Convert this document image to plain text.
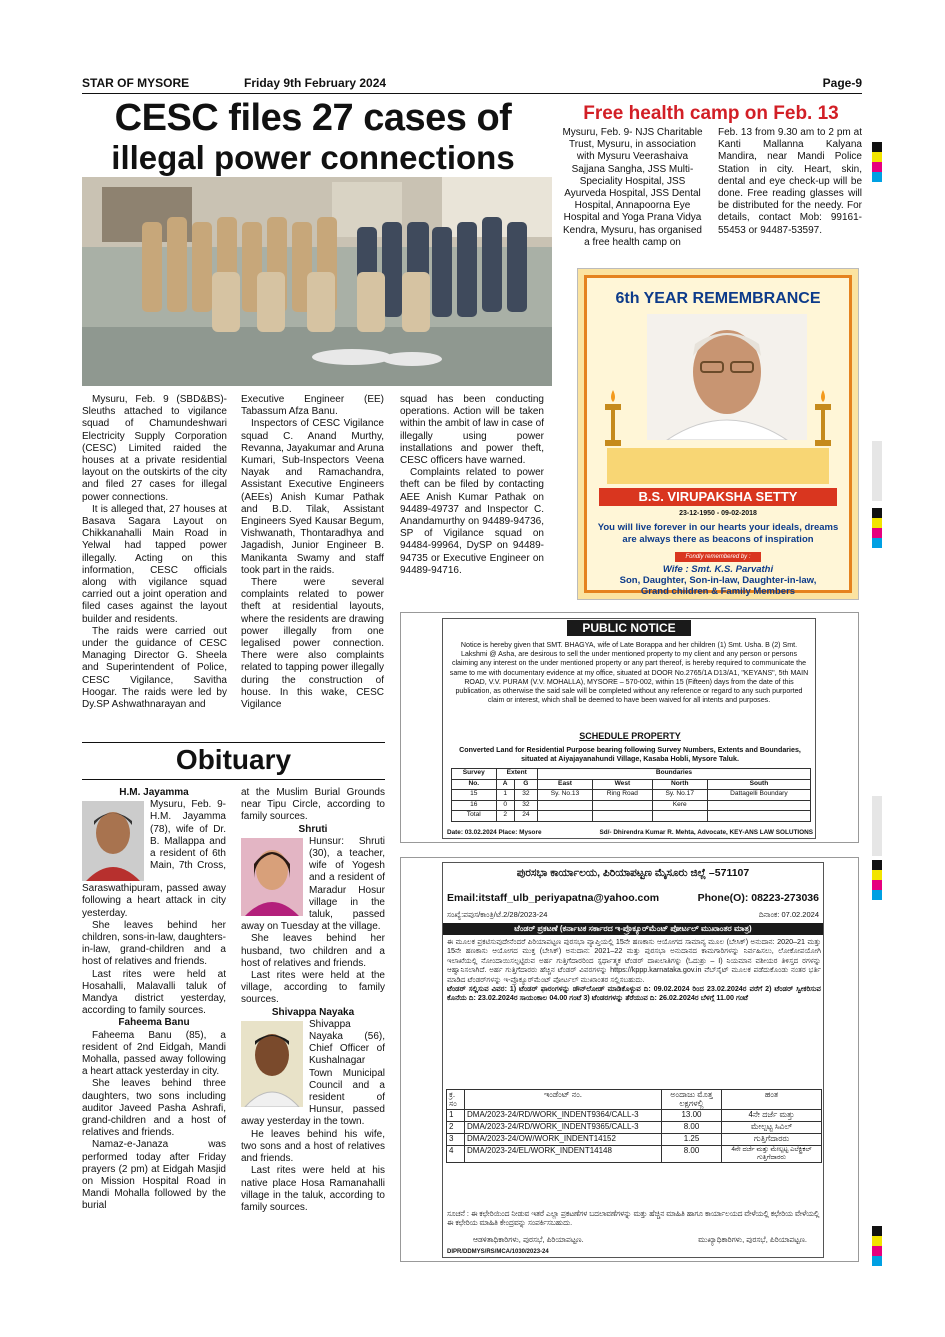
STAR OF MYSORE	Friday 9th February 2024	Page-9
CESC files 27 cases of
illegal power connections

Mysuru, Feb. 9 (SBD&BS)- Sleuths attached to vigilance squad of Chamundeshwari Electricity Supply Corporation (CESC) Limited raided the houses at a private residential layout on the outskirts of the city and filed 27 cases for illegal power connections.

It is alleged that, 27 houses at Basava Sagara Layout on Chikkanahalli Main Road in Yelwal had tapped power illegally. Acting on this information, CESC officials along with vigilance squad carried out a joint operation and filed cases against the layout builder and residents.

The raids were carried out under the guidance of CESC Managing Director G. Sheela and Superintendent of Police, CESC Vigilance, Savitha Hoogar. The raids were led by Dy.SP Ashwathnarayan and

Executive Engineer (EE) Tabassum Afza Banu.

Inspectors of CESC Vigilance squad C. Anand Murthy, Revanna, Jayakumar and Aruna Kumari, Sub-Inspectors Veena Nayak and Ramachandra, Assistant Executive Engineers (AEEs) Anish Kumar Pathak and B.D. Tilak, Assistant Engineers Syed Kausar Begum, Vishwanath, Thontaradhya and Jagadish, Junior Engineer B. Manikanta Swamy and staff took part in the raids.

There were several complaints related to power theft at residential layouts, where the residents are drawing power illegally from one legalised power connection. There were also complaints related to tapping power illegally during the construction of house. In this wake, CESC Vigilance

squad has been conducting operations. Action will be taken within the ambit of law in case of illegally using power installations and power theft, CESC officers have warned.

Complaints related to power theft can be filed by contacting AEE Anish Kumar Pathak on 94489-49737 and Inspector C. Anandamurthy on 94489-94736, SP of Vigilance squad on 94484-99964, DySP on 94489-94735 or Executive Engineer on 94489-94716.

Free health camp on Feb. 13

Mysuru, Feb. 9- NJS Charitable Trust, Mysuru, in association with Mysuru Veerashaiva Sajjana Sangha, JSS Multi-Speciality Hospital, JSS Ayurveda Hospital, JSS Dental Hospital, Annapoorna Eye Hospital and Yoga Prana Vidya Kendra, Mysuru, has organised a free health camp on

Feb. 13 from 9.30 am to 2 pm at Kanti Mallanna Kalyana Mandira, near Mandi Police Station in city. Heart, skin, dental and eye check-up will be done. Free reading glasses will be distributed for the needy. For details, contact Mob: 99161-55453 or 94487-53597.

6th YEAR REMEMBRANCE
B.S. VIRUPAKSHA SETTY
23-12-1950 - 09-02-2018
You will live forever in our hearts your ideals, dreams are always there as beacons of inspiration
Fondly remembered by :
Wife : Smt. K.S. Parvathi
Son, Daughter, Son-in-law, Daughter-in-law,
Grand children & Family Members
PUBLIC NOTICE
Notice is hereby given that SMT. BHAGYA, wife of Late Borappa and her children (1) Smt. Usha. B (2) Smt. Lakshmi @ Asha, are desirous to sell the under mentioned property to my client and any person or persons claiming any interest on the under mentioned property or any part thereof, is hereby required to communicate the same to me with documentary evidence at my office, situated at DOOR No.2765/1A D13/A1, "KEYANS", 5th MAIN ROAD, V.V. PURAM (V.V. MOHALLA), MYSORE – 570-002, within 15 (Fifteen) days from the date of this publication, as otherwise the said sale will be completed without any reference or regard to any such purported claim or interest, which shall be deemed to have been waived for all intents and purposes.
SCHEDULE PROPERTY
Converted Land for Residential Purpose bearing following Survey Numbers, Extents and Boundaries, situated at Aiyajayanahundi Village, Kasaba Hobli, Mysore Taluk.
Survey	Extent		Boundaries			
No.	A	G	East	West	North	South
15	1	32	Sy. No.13	Ring Road	Sy. No.17	Dattagelli Boundary
16	0	32			Kere	
Total	2	24				
Date: 03.02.2024 Place: Mysore	Sd/- Dhirendra Kumar R. Mehta, Advocate, KEY-ANS LAW SOLUTIONS
ಪುರಸಭಾ ಕಾರ್ಯಾಲಯ, ಪಿರಿಯಾಪಟ್ಟಣ ಮೈಸೂರು ಜಿಲ್ಲೆ –571107
Email:itstaff_ulb_periyapatna@yahoo.com	Phone(O): 08223-273036
ಸಂಖ್ಯೆ:ಪಪುಸ/ಕಾಂತ್ರಿ/ಟೆ.2/28/2023-24	ದಿನಾಂಕ: 07.02.2024
ಟೆಂಡರ್ ಪ್ರಕಟಣೆ (ಕರ್ನಾಟಕ ಸರ್ಕಾರದ ಇ-ಪ್ರೊಕ್ಯೂರ್‌ಮೆಂಟ್ ಪೋರ್ಟಲ್ ಮುಖಾಂತರ ಮಾತ್ರ)

ಈ ಮೂಲಕ ಪ್ರಕಟಿಸುವುದೇನೆಂದರೆ ಪಿರಿಯಾಪಟ್ಟಣ ಪುರಸಭಾ ವ್ಯಾಪ್ತಿಯಲ್ಲಿ 15ನೇ ಹಣಕಾಸು ಆಯೋಗದ ಸಾಮಾನ್ಯ ಮೂಲ (ಬೇಸಿಕ್) ಅನುದಾನ: 2020–21 ಮತ್ತು 15ನೇ ಹಣಕಾಸು ಆಯೋಗದ ಮುಕ್ತ (ಬೇಸಿಕ್) ಅನುದಾನ: 2021–22 ಮತ್ತು ಪುರಸಭಾ ಅನುದಾನದ ಕಾಮಗಾರಿಗಳನ್ನು ನಿರ್ವಹಿಸಲು, ಲೋಕೋಪಯೋಗಿ ಇಲಾಖೆಯಲ್ಲಿ ನೋಂದಾಯಿಸಲ್ಪಟ್ಟಿರುವ ಅರ್ಹ ಗುತ್ತಿಗೆದಾರರಿಂದ ಸ್ಪರ್ಧಾತ್ಮಕ ಟೆಂಡರ್ ದಾಖಲಾತಿಗಳ್ನು (ಓದುಶ್ರು – I) ನಿಯಮಾನ ವಶೀಯರ ತಿಳಿಸ್ತದ ರಗಳನ್ನು ಆಹ್ವಾನಿಸಲಾಗಿದೆ. ಅರ್ಹ ಗುತ್ತಿಗೆದಾರರು ಹೆಚ್ಚಿನ ಟೆಂಡರ್ ವಿವರಗಳನ್ನು https://kppp.karnataka.gov.in ವೆಬ್‌ಸೈಟ್ ಮೂಲಕ ಪಡೆದುಕೊಂಡು ನಂತರ ಭರ್ತಿ ಮಾಡಿದ ಟೆಂಡರ್‌ಗಳನ್ನು ಇ-ಪ್ರೊಕ್ಯೂರ್‌ಮೆಂಟ್ ಪೋರ್ಟಲ್ ಮುಖಾಂತರ ಸಲ್ಲಿಸಬಹುದು.

ಟೆಂಡರ್ ಸಲ್ಲಿಸುವ ವಿವರ: 1) ಟೆಂಡರ್ ಫಾರಂಗಳನ್ನು ಡೌನ್‌ಲೋಡ್ ಮಾಡಿಕೊಳ್ಳುವ ದಿ: 09.02.2024 ರಿಂದ 23.02.2024ರ ವರೆಗೆ 2) ಟೆಂಡರ್ ಸ್ವೀಕರಿಸುವ ಕೊನೆಯ ದಿ: 23.02.2024ರ ಸಾಯಂಕಾಲ 04.00 ಗಂಟೆ 3) ಟೆಂಡರಗಳನ್ನು ತೆರೆಯುವ ದಿ: 26.02.2024ರ ಬೆಳಗ್ಗೆ 11.00 ಗಂಟೆ

ಕ್ರ. ಸಂ	ಇಂಡೆಂಟ್ ನಂ.	ಅಂದಾಜು ಮೊತ್ತ ಲಕ್ಷಗಳಲ್ಲಿ	ಹಂತ
1	DMA/2023-24/RD/WORK_INDENT9364/CALL-3	13.00	4ನೇ ದರ್ಜೆ ಮತ್ತು
2	DMA/2023-24/RD/WORK_INDENT9365/CALL-3	8.00	ಮೇಲ್ಪಟ್ಟ ಸಿವಿಲ್
3	DMA/2023-24/OW/WORK_INDENT14152	1.25	ಗುತ್ತಿಗೆದಾರರು
4	DMA/2023-24/EL/WORK_INDENT14148	8.00	4ನೇ ದರ್ಜೆ ಮತ್ತು ಮೇಲ್ಪಟ್ಟ ಎಲೆಕ್ಟ್ರಿಕಲ್ ಗುತ್ತಿಗೆದಾರರು
ಸೂಚನೆ : ಈ ಕಛೇರಿಯಿಂದ ನೀಡುವ ಇತರೆ ಎಲ್ಲಾ ಪ್ರಕಟಣೆಗಳ ಬದಲಾವಣೆಗಳನ್ನು ಮತ್ತು ಹೆಚ್ಚಿನ ಮಾಹಿತಿ ಹಾಗೂ ಕಾರ್ಯಾಲಯದ ವೇಳೆಯಲ್ಲಿ ಕಛೇರಿಯ ವೇಳೆಯಲ್ಲಿ ಈ ಕಛೇರಿಯ ಮಾಹಿತಿ ಕೇಂದ್ರವನ್ನು ಸಂಪರ್ಕಿಸಬಹುದು.
ಆಡಳಿತಾಧಿಕಾರಿಗಳು, ಪುರಸಭೆ, ಪಿರಿಯಾಪಟ್ಟಣ.	ಮುಖ್ಯಾಧಿಕಾರಿಗಳು, ಪುರಸಭೆ, ಪಿರಿಯಾಪಟ್ಟಣ.
DIPR/DDMYS/RS/MCA/1030/2023-24
Obituary

H.M. Jayamma

Mysuru, Feb. 9- H.M. Jayamma (78), wife of Dr. B. Mallappa and a resident of 6th Main, 7th Cross, Saraswathipuram, passed away following a heart attack in city yesterday.

She leaves behind her children, sons-in-law, daughters-in-law, grand-children and a host of relatives and friends.

Last rites were held at Hosahalli, Malavalli taluk of Mandya district yesterday, according to family sources.

Faheema Banu

Faheema Banu (85), a resident of 2nd Eidgah, Mandi Mohalla, passed away following a heart attack yesterday in city.

She leaves behind three daughters, two sons including auditor Javeed Pasha Ashrafi, grand-children and a host of relatives and friends.

Namaz-e-Janaza was performed today after Friday prayers (2 pm) at Eidgah Masjid on Mission Hospital Road in Mandi Mohalla followed by the burial

at the Muslim Burial Grounds near Tipu Circle, according to family sources.

Shruti

Hunsur: Shruti (30), a teacher, wife of Yogesh and a resident of Maradur Hosur village in the taluk, passed away on Tuesday at the village.

She leaves behind her husband, two children and a host of relatives and friends.

Last rites were held at the village, according to family sources.

Shivappa Nayaka

Shivappa Nayaka (56), Chief Officer of Kushalnagar Town Municipal Council and a resident of Hunsur, passed away yesterday in the town.

He leaves behind his wife, two sons and a host of relatives and friends.

Last rites were held at his native place Hosa Ramanahalli village in the taluk, according to family sources.
